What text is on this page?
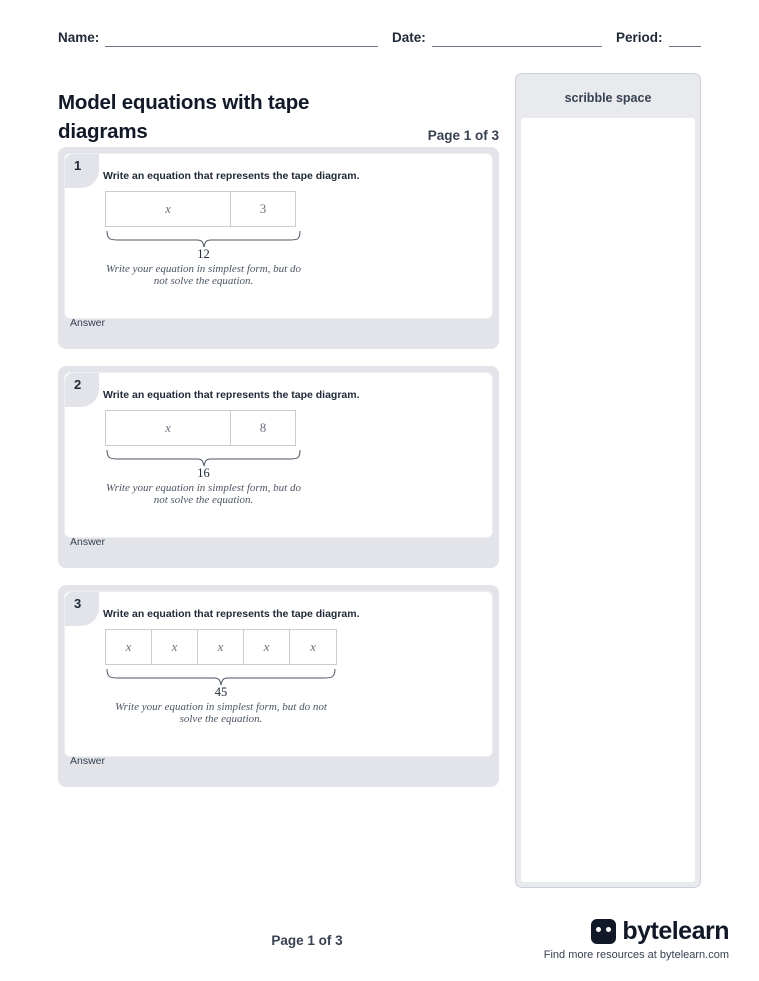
Name:	Date:	Period:
Model equations with tape diagrams	Page 1 of 3
1
Write an equation that represents the tape diagram.
x	3
12
Write your equation in simplest form, but do not solve the equation.
Answer
2
Write an equation that represents the tape diagram.
x	8
16
Write your equation in simplest form, but do not solve the equation.
Answer
3
Write an equation that represents the tape diagram.
x	x	x	x	x
45
Write your equation in simplest form, but do not solve the equation.
Answer
scribble space
Page 1 of 3	bytelearn
Find more resources at bytelearn.com
